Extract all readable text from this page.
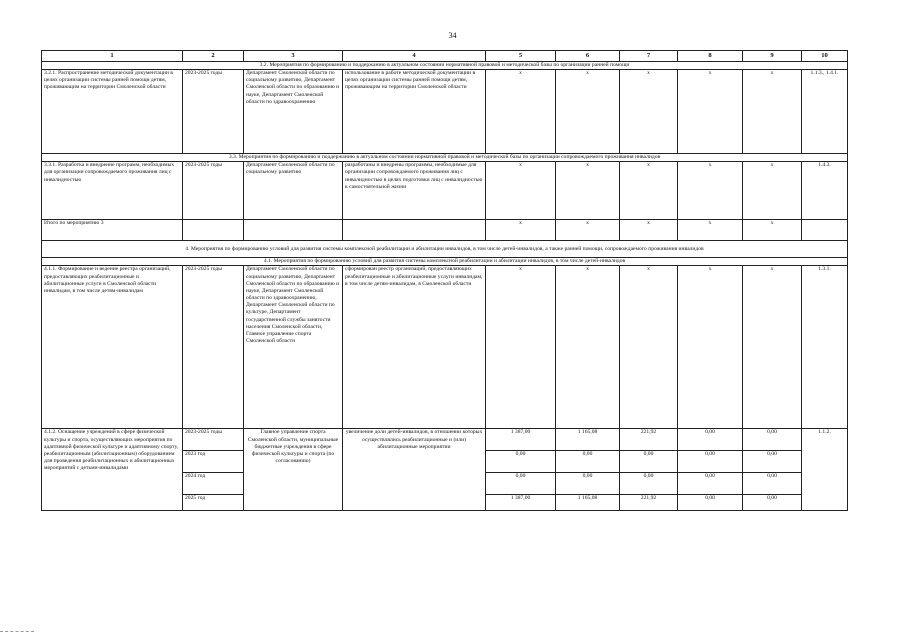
34
1	2	3	4	5	6	7	8	9	10
3.2. Мероприятия по формированию и поддержанию в актуальном состоянии нормативной правовой и методической базы по организации ранней помощи									
3.2.1. Распространение методической документации в целях организации системы ранней помощи детям, проживающим на территории Смоленской области	2023-2025 годы	Департамент Смоленской области по социальному развитию, Департамент Смоленской области по образованию и науке, Департамент Смоленской области по здравоохранению	использование в работе методической документации в целях организации системы ранней помощи детям, проживающим на территории Смоленской области	х	х	х	х	х	1.1.3., 1.4.1.
3.3. Мероприятия по формированию и поддержанию в актуальном состоянии нормативной правовой и методической базы по организации сопровождаемого проживания инвалидов									
3.3.1. Разработка и внедрение программ, необходимых для организации сопровождаемого проживания лиц с инвалидностью	2023-2025 годы	Департамент Смоленской области по социальному развитию	разработаны и внедрены программы, необходимые для организации сопровождаемого проживания лиц с инвалидностью в целях подготовки лиц с инвалидностью к самостоятельной жизни	х	х	х	х	х	1.4.3.
Итого по мероприятию 3				х	х	х	х	х	
4. Мероприятия по формированию условий для развития системы комплексной реабилитации и абилитации инвалидов, в том числе детей-инвалидов, а также ранней помощи, сопровождаемого проживания инвалидов									
4.1. Мероприятия по формированию условий для развития системы комплексной реабилитации и абилитации инвалидов, в том числе детей-инвалидов									
4.1.1. Формирование и ведение реестра организаций, предоставляющих реабилитационные и абилитационные услуги в Смоленской области инвалидам, в том числе детям-инвалидам	2023-2025 годы	Департамент Смоленской области по социальному развитию, Департамент Смоленской области по образованию и науке, Департамент Смоленской области по здравоохранению, Департамент Смоленской области по культуре, Департамент государственной службы занятости населения Смоленской области, Главное управление спорта Смоленской области	сформирован реестр организаций, предоставляющих реабилитационные и абилитационные услуги инвалидам, в том числе детям-инвалидам, в Смоленской области	х	х	х	х	х	1.3.1.
4.1.2. Оснащение учреждений в сфере физической культуры и спорта, осуществляющих мероприятия по адаптивной физической культуре и адаптивному спорту, реабилитационным (абилитационным) оборудованием для проведения реабилитационных и абилитационных мероприятий с детьми-инвалидами	2023-2025 годы	Главное управление спорта Смоленской области, муниципальные бюджетные учреждения в сфере физической культуры и спорта (по согласованию)	увеличение доли детей-инвалидов, в отношении которых осуществлялись реабилитационные и (или) абилитационные мероприятии	1 387,00	1 165,08	221,92	0,00	0,00	1.1.2.
	2023 год			0,00	0,00	0,00	0,00	0,00	
	2024 год			0,00	0,00	0,00	0,00	0,00	
	2025 год			1 387,00	1 165,08	221,92	0,00	0,00	
